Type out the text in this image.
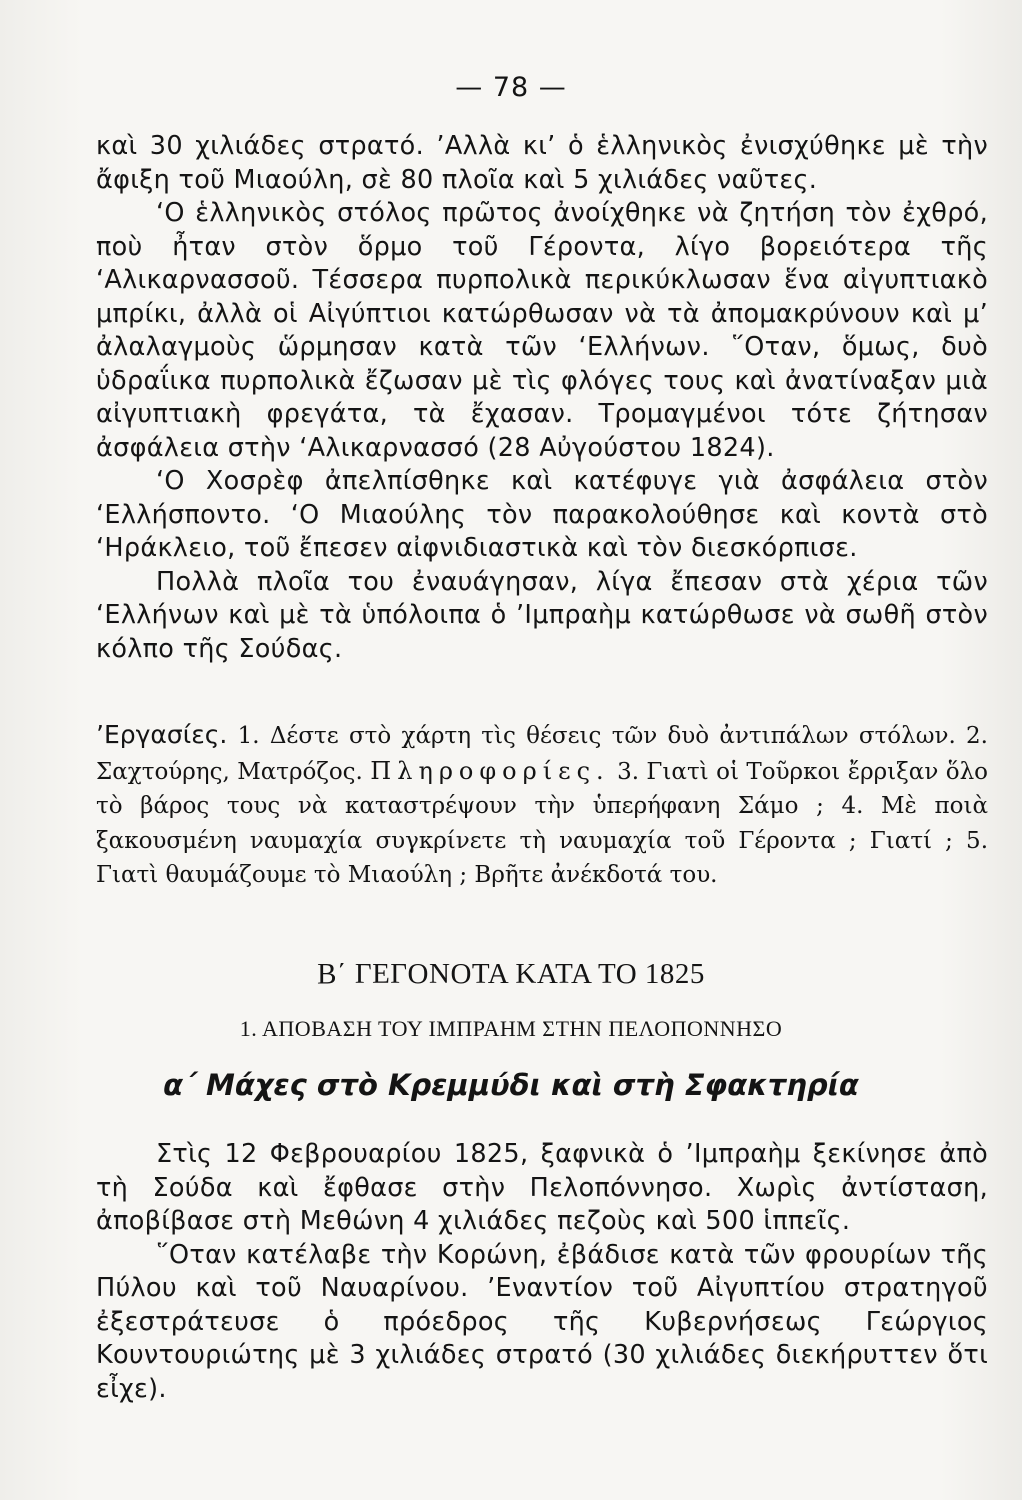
— 78 —

καὶ 30 χιλιάδες στρατό. ’Αλλὰ κι’ ὁ ἑλληνικὸς ἐνισχύθηκε μὲ τὴν ἄφιξη τοῦ Μιαούλη, σὲ 80 πλοῖα καὶ 5 χιλιάδες ναῦτες.

‘Ο ἑλληνικὸς στόλος πρῶτος ἀνοίχθηκε νὰ ζητήση τὸν ἐχθρό, ποὺ ἦταν στὸν ὅρμο τοῦ Γέροντα, λίγο βορειότερα τῆς ‘Αλικαρνασσοῦ. Τέσσερα πυρπολικὰ περικύκλωσαν ἕνα αἰγυπτιακὸ μπρίκι, ἀλλὰ οἱ Αἰγύπτιοι κατώρθωσαν νὰ τὰ ἀπομακρύνουν καὶ μ’ ἀλαλαγμοὺς ὥρμησαν κατὰ τῶν ‘Ελλήνων. ῞Οταν, ὅμως, δυὸ ὑδραΐικα πυρπολικὰ ἔζωσαν μὲ τὶς φλόγες τους καὶ ἀνατίναξαν μιὰ αἰγυπτιακὴ φρεγάτα, τὰ ἔχασαν. Τρομαγμένοι τότε ζήτησαν ἀσφάλεια στὴν ‘Αλικαρνασσό (28 Αὐγούστου 1824).

‘Ο Χοσρὲφ ἀπελπίσθηκε καὶ κατέφυγε γιὰ ἀσφάλεια στὸν ‘Ελλήσποντο. ‘Ο Μιαούλης τὸν παρακολούθησε καὶ κοντὰ στὸ ‘Ηράκλειο, τοῦ ἔπεσεν αἰφνιδιαστικὰ καὶ τὸν διεσκόρπισε.

Πολλὰ πλοῖα του ἐναυάγησαν, λίγα ἔπεσαν στὰ χέρια τῶν ‘Ελλήνων καὶ μὲ τὰ ὑπόλοιπα ὁ ’Ιμπραὴμ κατώρθωσε νὰ σωθῆ στὸν κόλπο τῆς Σούδας.

’Εργασίες. 1. Δέστε στὸ χάρτη τὶς θέσεις τῶν δυὸ ἀντιπάλων στόλων. 2. Σαχτούρης, Ματρόζος. Πληροφορίες. 3. Γιατὶ οἱ Τοῦρκοι ἔρριξαν ὅλο τὸ βάρος τους νὰ καταστρέψουν τὴν ὑπερήφανη Σάμο ; 4. Μὲ ποιὰ ξακουσμένη ναυμαχία συγκρίνετε τὴ ναυμαχία τοῦ Γέροντα ; Γιατί ; 5. Γιατὶ θαυμάζουμε τὸ Μιαούλη ; Βρῆτε ἀνέκδοτά του.

Β΄ ΓΕΓΟΝΟΤΑ ΚΑΤΑ ΤΟ 1825
1. ΑΠΟΒΑΣΗ ΤΟΥ ΙΜΠΡΑΗΜ ΣΤΗΝ ΠΕΛΟΠΟΝΝΗΣΟ
α΄ Μάχες στὸ Κρεμμύδι καὶ στὴ Σφακτηρία

Στὶς 12 Φεβρουαρίου 1825, ξαφνικὰ ὁ ’Ιμπραὴμ ξεκίνησε ἀπὸ τὴ Σούδα καὶ ἔφθασε στὴν Πελοπόννησο. Χωρὶς ἀντίσταση, ἀποβίβασε στὴ Μεθώνη 4 χιλιάδες πεζοὺς καὶ 500 ἱππεῖς.

῞Οταν κατέλαβε τὴν Κορώνη, ἐβάδισε κατὰ τῶν φρουρίων τῆς Πύλου καὶ τοῦ Ναυαρίνου. ’Εναντίον τοῦ Αἰγυπτίου στρατηγοῦ ἐξεστράτευσε ὁ πρόεδρος τῆς Κυβερνήσεως Γεώργιος Κουντουριώτης μὲ 3 χιλιάδες στρατό (30 χιλιάδες διεκήρυττεν ὅτι εἶχε).
